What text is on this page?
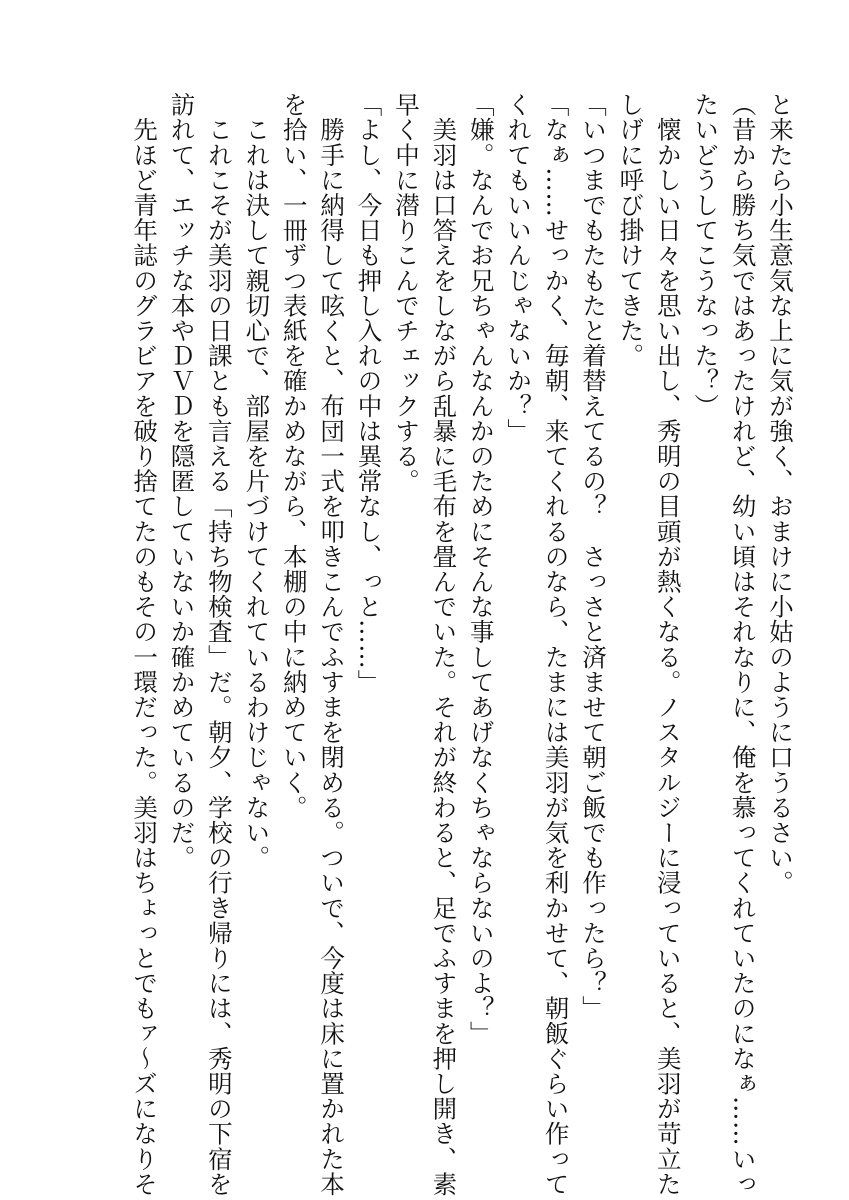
と来たら小生意気な上に気が強く、おまけに小姑のように口うるさい。
（昔から勝ち気ではあったけれど、幼い頃はそれなりに、俺を慕ってくれていたのになぁ……いっ
たいどうしてこうなった？）
　懐かしい日々を思い出し、秀明の目頭が熱くなる。ノスタルジーに浸っていると、美羽が苛立た
しげに呼び掛けてきた。
「いつまでもたもたと着替えてるの？　さっさと済ませて朝ご飯でも作ったら？」
「なぁ……せっかく、毎朝、来てくれるのなら、たまには美羽が気を利かせて、朝飯ぐらい作って
くれてもいいんじゃないか？」
「嫌。なんでお兄ちゃんなんかのためにそんな事してあげなくちゃならないのよ？」
　美羽は口答えをしながら乱暴に毛布を畳んでいた。それが終わると、足でふすまを押し開き、素
早く中に潜りこんでチェックする。
「よし、今日も押し入れの中は異常なし、っと……」
　勝手に納得して呟くと、布団一式を叩きこんでふすまを閉める。ついで、今度は床に置かれた本
を拾い、一冊ずつ表紙を確かめながら、本棚の中に納めていく。
　これは決して親切心で、部屋を片づけてくれているわけじゃない。
　これこそが美羽の日課とも言える「持ち物検査」だ。朝夕、学校の行き帰りには、秀明の下宿を
訪れて、エッチな本やＤＶＤを隠匿していないか確かめているのだ。
　先ほど青年誌のグラビアを破り捨てたのもその一環だった。美羽はちょっとでもァ〜ズになりそ
